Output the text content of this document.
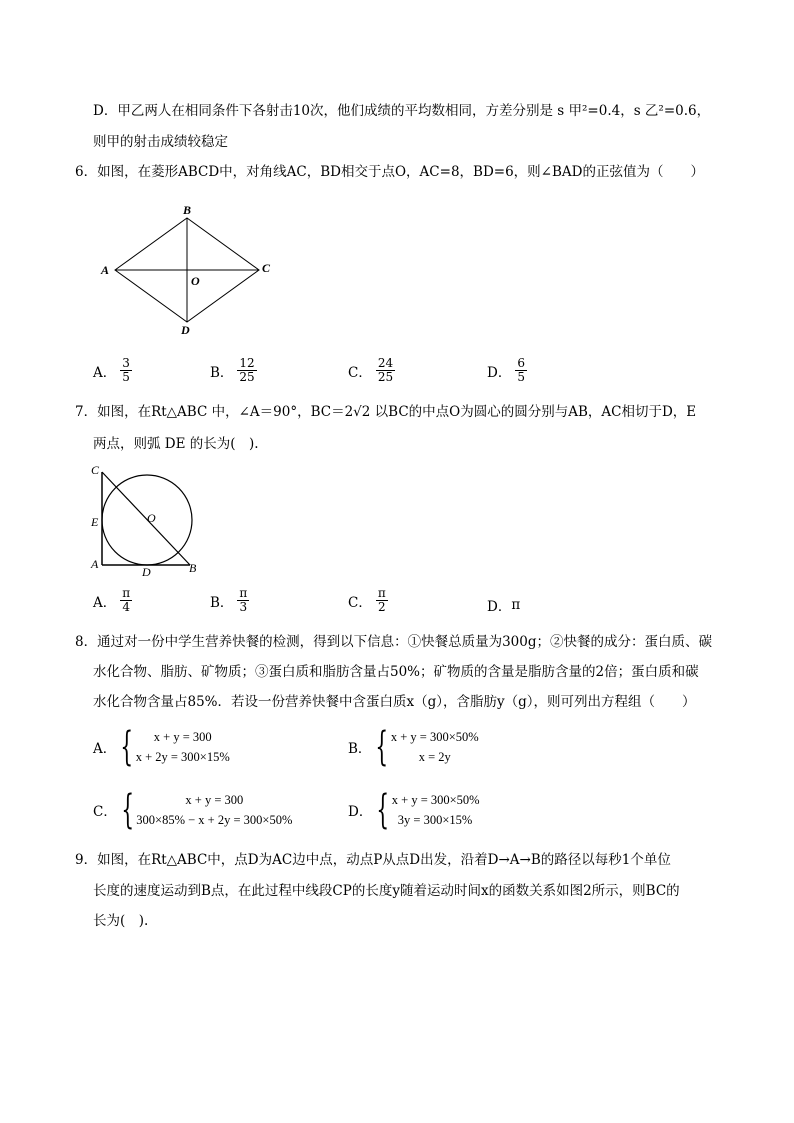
D．甲乙两人在相同条件下各射击10次，他们成绩的平均数相同，方差分别是 s 甲²=0.4，s 乙²=0.6，
则甲的射击成绩较稳定
6．如图，在菱形ABCD中，对角线AC，BD相交于点O，AC=8，BD=6，则∠BAD的正弦值为（　　）
A
B
C
D
O
A． $\frac{3}{5}$	B． $\frac{12}{25}$	C． $\frac{24}{25}$	D． $\frac{6}{5}$
7．如图，在Rt△ABC 中，∠A＝90°，BC＝2√2 以BC的中点O为圆心的圆分别与AB，AC相切于D，E
两点，则弧 DE 的长为(　).
C
E
A
D	B
O
A． $\frac{\pi}{4}$	B． $\frac{\pi}{3}$	C． $\frac{\pi}{2}$	D． π
8．通过对一份中学生营养快餐的检测，得到以下信息：①快餐总质量为300g；②快餐的成分：蛋白质、碳
水化合物、脂肪、矿物质；③蛋白质和脂肪含量占50%；矿物质的含量是脂肪含量的2倍；蛋白质和碳
水化合物含量占85%．若设一份营养快餐中含蛋白质x（g），含脂肪y（g），则可列出方程组（　　）
A． {	x + y = 300
x + 2y = 300×15%	B． { x + y = 300×50%
x = 2y
C． {	x + y = 300
300×85% − x + 2y = 300×50%	D． { x + y = 300×50%
3y = 300×15%
9．如图，在Rt△ABC中，点D为AC边中点，动点P从点D出发，沿着D→A→B的路径以每秒1个单位
长度的速度运动到B点，在此过程中线段CP的长度y随着运动时间x的函数关系如图2所示，则BC的
长为(　).
